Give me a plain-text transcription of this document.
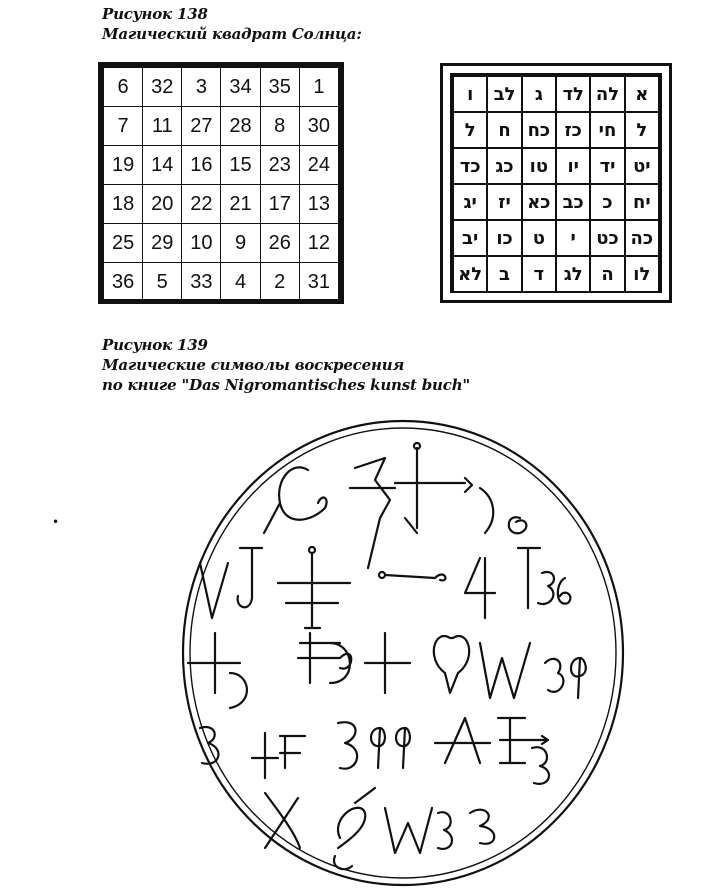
Рисунок 138
Магический квадрат Солнца:
6	32	3	34	35	1
7	11	27	28	8	30
19	14	16	15	23	24
18	20	22	21	17	13
25	29	10	9	26	12
36	5	33	4	2	31
א	לה	לד	ג	לב	ו
ל	חי	כז	כח	ח	ל
יט	יד	יו	טו	כג	כד
יח	כ	כב	כא	יז	יג
כה	כט	י	ט	כו	יב
לו	ה	לג	ד	ב	לא
Рисунок 139
Магические символы воскресения
по книге "Das Nigromantisches kunst buch"
•
